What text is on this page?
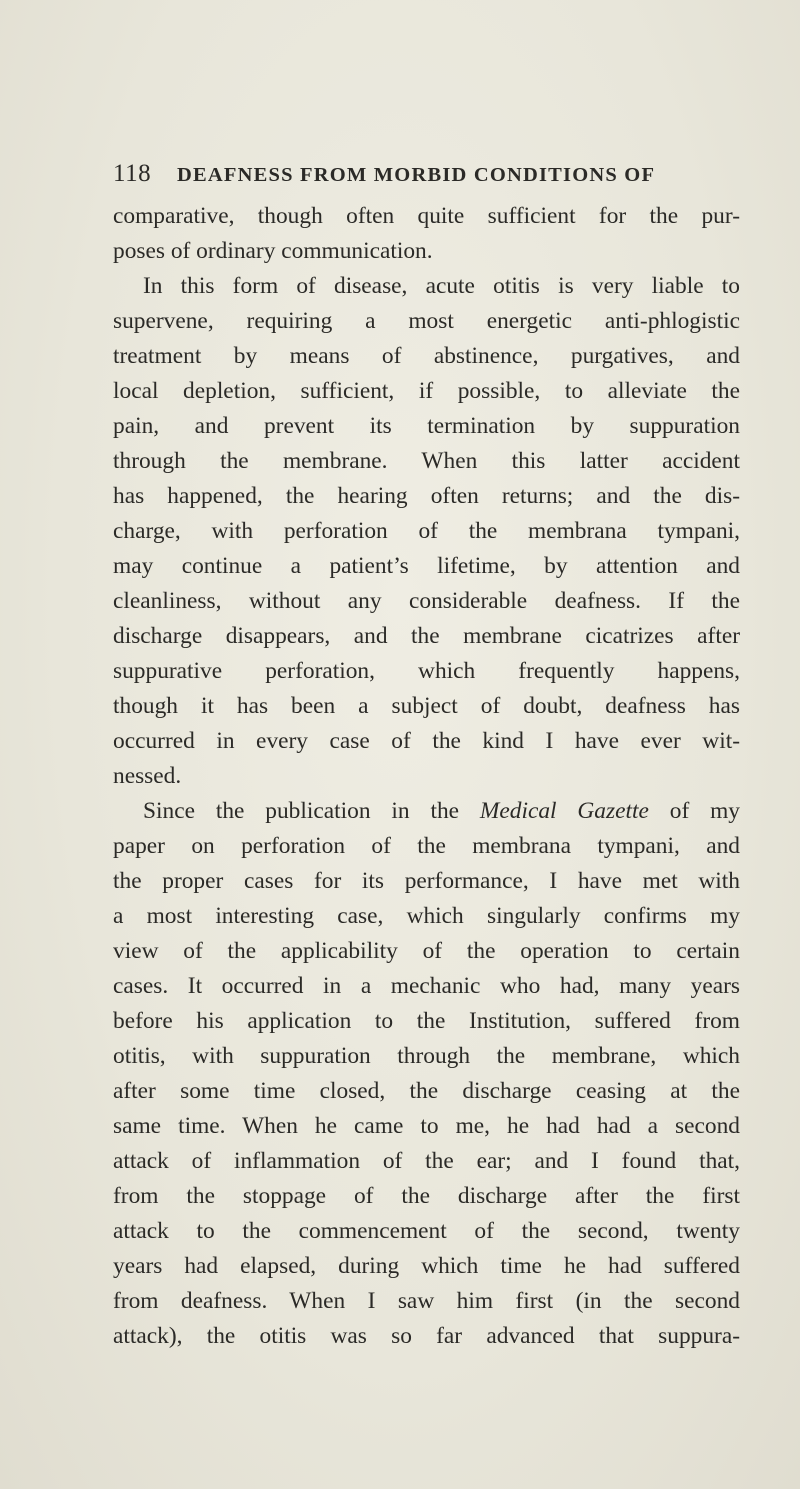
118 DEAFNESS FROM MORBID CONDITIONS OF
comparative, though often quite sufficient for the pur-
poses of ordinary communication.
In this form of disease, acute otitis is very liable to
supervene, requiring a most energetic anti-phlogistic
treatment by means of abstinence, purgatives, and
local depletion, sufficient, if possible, to alleviate the
pain, and prevent its termination by suppuration
through the membrane. When this latter accident
has happened, the hearing often returns; and the dis-
charge, with perforation of the membrana tympani,
may continue a patient’s lifetime, by attention and
cleanliness, without any considerable deafness. If the
discharge disappears, and the membrane cicatrizes after
suppurative perforation, which frequently happens,
though it has been a subject of doubt, deafness has
occurred in every case of the kind I have ever wit-
nessed.
Since the publication in the Medical Gazette of my
paper on perforation of the membrana tympani, and
the proper cases for its performance, I have met with
a most interesting case, which singularly confirms my
view of the applicability of the operation to certain
cases. It occurred in a mechanic who had, many years
before his application to the Institution, suffered from
otitis, with suppuration through the membrane, which
after some time closed, the discharge ceasing at the
same time. When he came to me, he had had a second
attack of inflammation of the ear; and I found that,
from the stoppage of the discharge after the first
attack to the commencement of the second, twenty
years had elapsed, during which time he had suffered
from deafness. When I saw him first (in the second
attack), the otitis was so far advanced that suppura-
